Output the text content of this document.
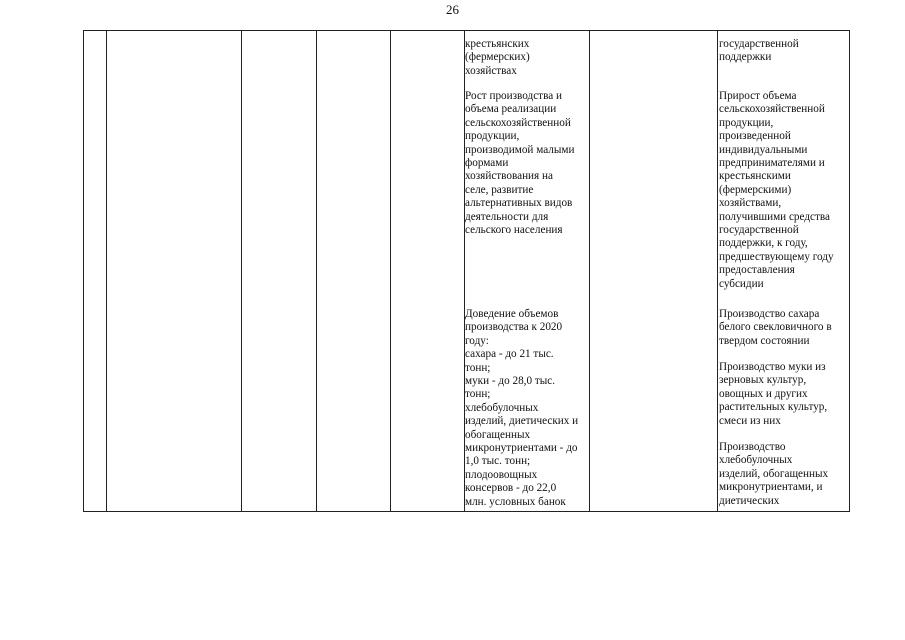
26
крестьянских
(фермерских)
хозяйствах
Рост производства и
объема реализации
сельскохозяйственной
продукции,
производимой малыми
формами
хозяйствования на
селе, развитие
альтернативных видов
деятельности для
сельского населения
Доведение объемов
производства к 2020
году:
сахара - до 21 тыс.
тонн;
муки - до 28,0 тыс.
тонн;
хлебобулочных
изделий, диетических и
обогащенных
микронутриентами - до
1,0 тыс. тонн;
плодоовощных
консервов - до 22,0
млн. условных банок
государственной
поддержки
Прирост объема
сельскохозяйственной
продукции,
произведенной
индивидуальными
предпринимателями и
крестьянскими
(фермерскими)
хозяйствами,
получившими средства
государственной
поддержки, к году,
предшествующему году
предоставления
субсидии
Производство сахара
белого свекловичного в
твердом состоянии
Производство муки из
зерновых культур,
овощных и других
растительных культур,
смеси из них
Производство
хлебобулочных
изделий, обогащенных
микронутриентами, и
диетических
